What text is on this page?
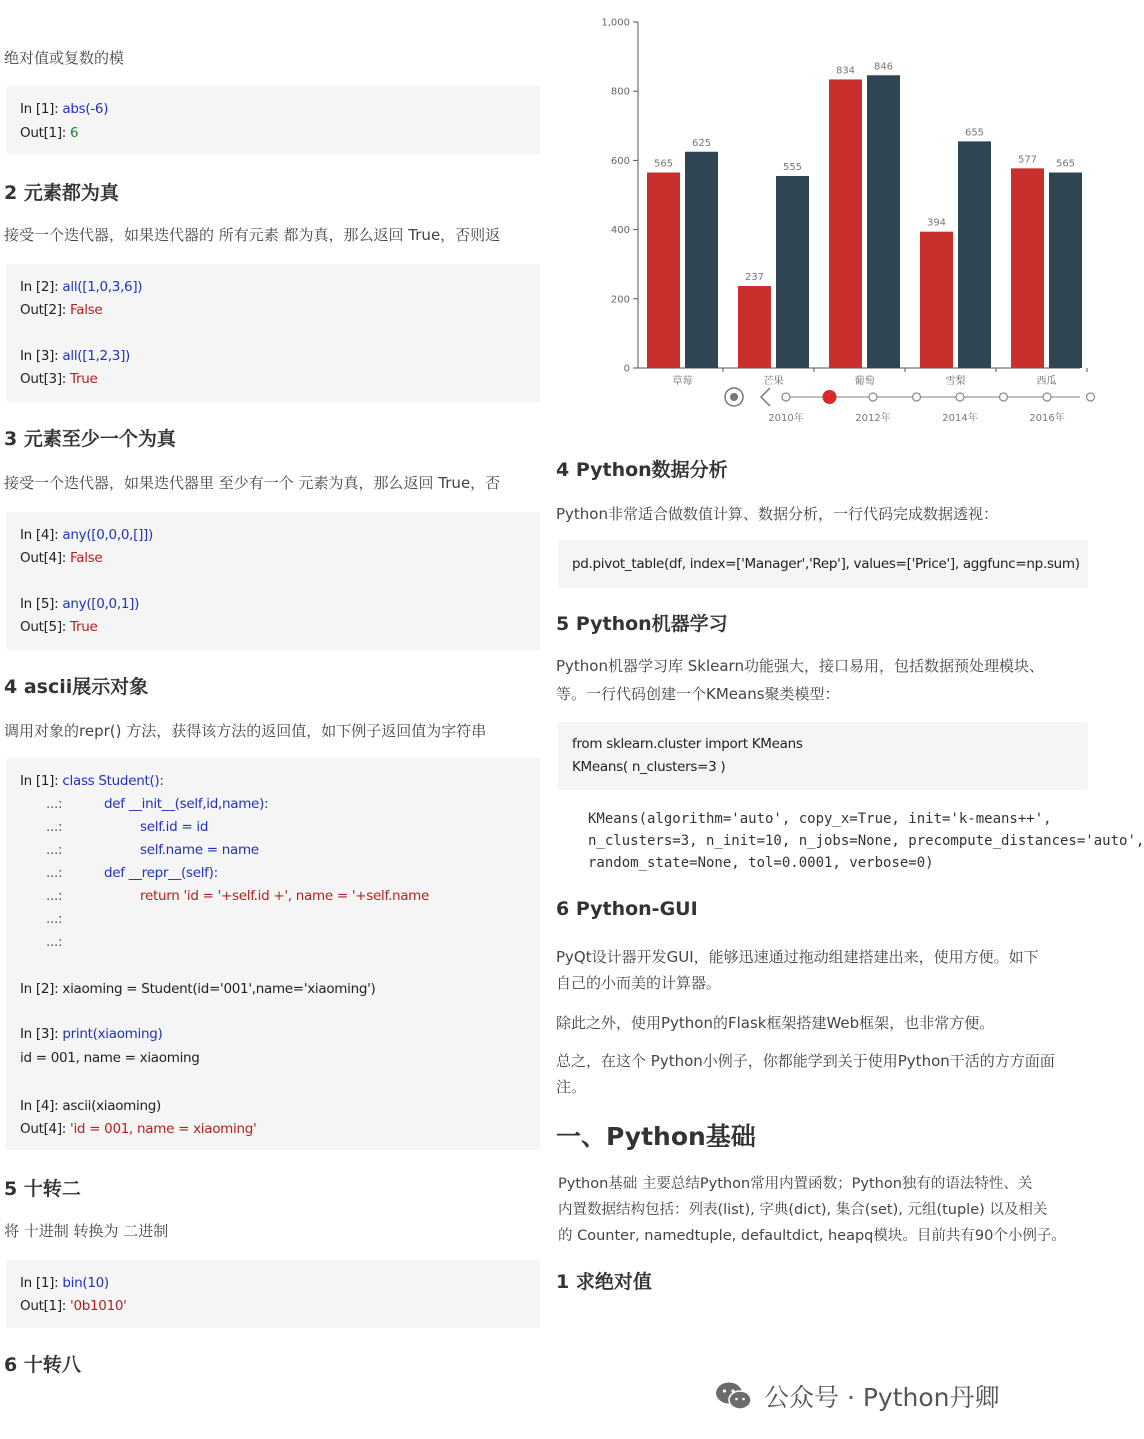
绝对值或复数的模
In [1]: abs(-6)
Out[1]: 6
2 元素都为真
接受一个迭代器，如果迭代器的 所有元素 都为真，那么返回 True，否则返
In [2]: all([1,0,3,6])
Out[2]: False
In [3]: all([1,2,3])
Out[3]: True
3 元素至少一个为真
接受一个迭代器，如果迭代器里 至少有一个 元素为真，那么返回 True，否
In [4]: any([0,0,0,[]])
Out[4]: False
In [5]: any([0,0,1])
Out[5]: True
4 ascii展示对象
调用对象的repr() 方法，获得该方法的返回值，如下例子返回值为字符串
In [1]: class Student():
...:	def __init__(self,id,name):
...:	self.id = id
...:	self.name = name
...:	def __repr__(self):
...:	return 'id = '+self.id +', name = '+self.name
...:
...:
In [2]: xiaoming = Student(id='001',name='xiaoming')
In [3]: print(xiaoming)
id = 001, name = xiaoming
In [4]: ascii(xiaoming)
Out[4]: 'id = 001, name = xiaoming'
5 十转二
将 十进制 转换为 二进制
In [1]: bin(10)
Out[1]: '0b1010'
6 十转八
0
200
400
600
800
1,000
565
625
237
555
834 846
394
655
577 565
草莓	芒果	葡萄	雪梨	西瓜
2010年	2012年	2014年	2016年
4 Python数据分析
Python非常适合做数值计算、数据分析，一行代码完成数据透视：
pd.pivot_table(df, index=['Manager','Rep'], values=['Price'], aggfunc=np.sum)
5 Python机器学习
Python机器学习库 Sklearn功能强大，接口易用，包括数据预处理模块、
等。一行代码创建一个KMeans聚类模型：
from sklearn.cluster import KMeans
KMeans( n_clusters=3 )
KMeans(algorithm='auto', copy_x=True, init='k-means++',
n_clusters=3, n_init=10, n_jobs=None, precompute_distances='auto',
random_state=None, tol=0.0001, verbose=0)
6 Python-GUI
PyQt设计器开发GUI，能够迅速通过拖动组建搭建出来，使用方便。如下
自己的小而美的计算器。
除此之外，使用Python的Flask框架搭建Web框架，也非常方便。
总之，在这个 Python小例子，你都能学到关于使用Python干活的方方面面
注。
一、Python基础
Python基础 主要总结Python常用内置函数；Python独有的语法特性、关
内置数据结构包括：列表(list), 字典(dict), 集合(set), 元组(tuple) 以及相关
的 Counter, namedtuple, defaultdict, heapq模块。目前共有90个小例子。
1 求绝对值
公众号 · Python丹卿
